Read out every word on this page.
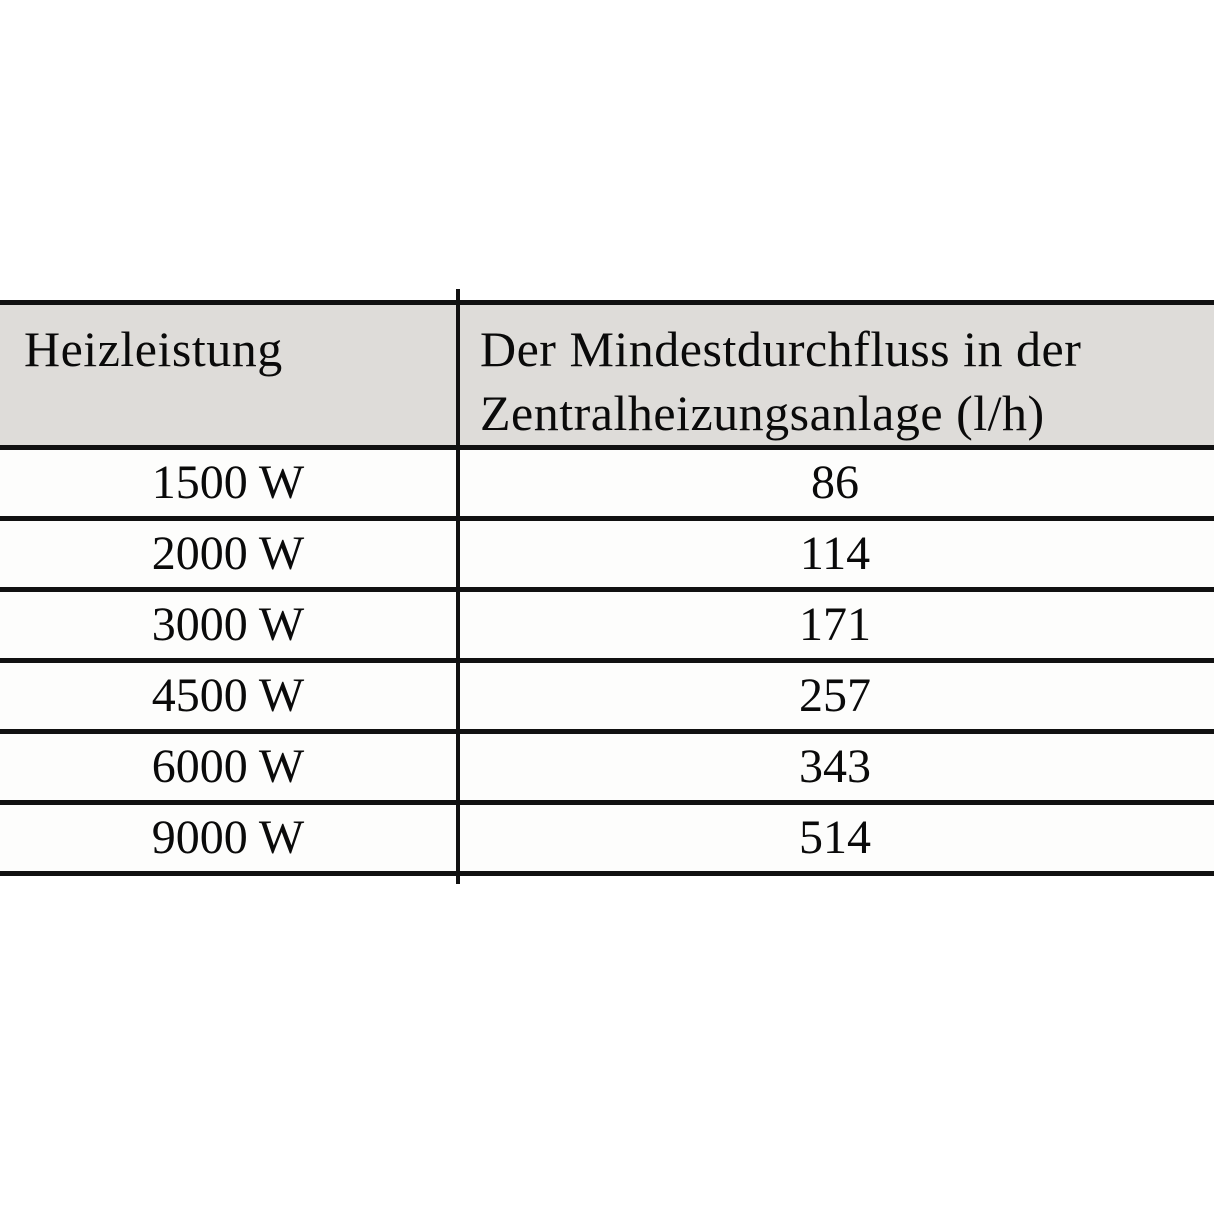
Heizleistung	Der Mindestdurchfluss in der Zentralheizungsanlage (l/h)
1500 W	86
2000 W	114
3000 W	171
4500 W	257
6000 W	343
9000 W	514
